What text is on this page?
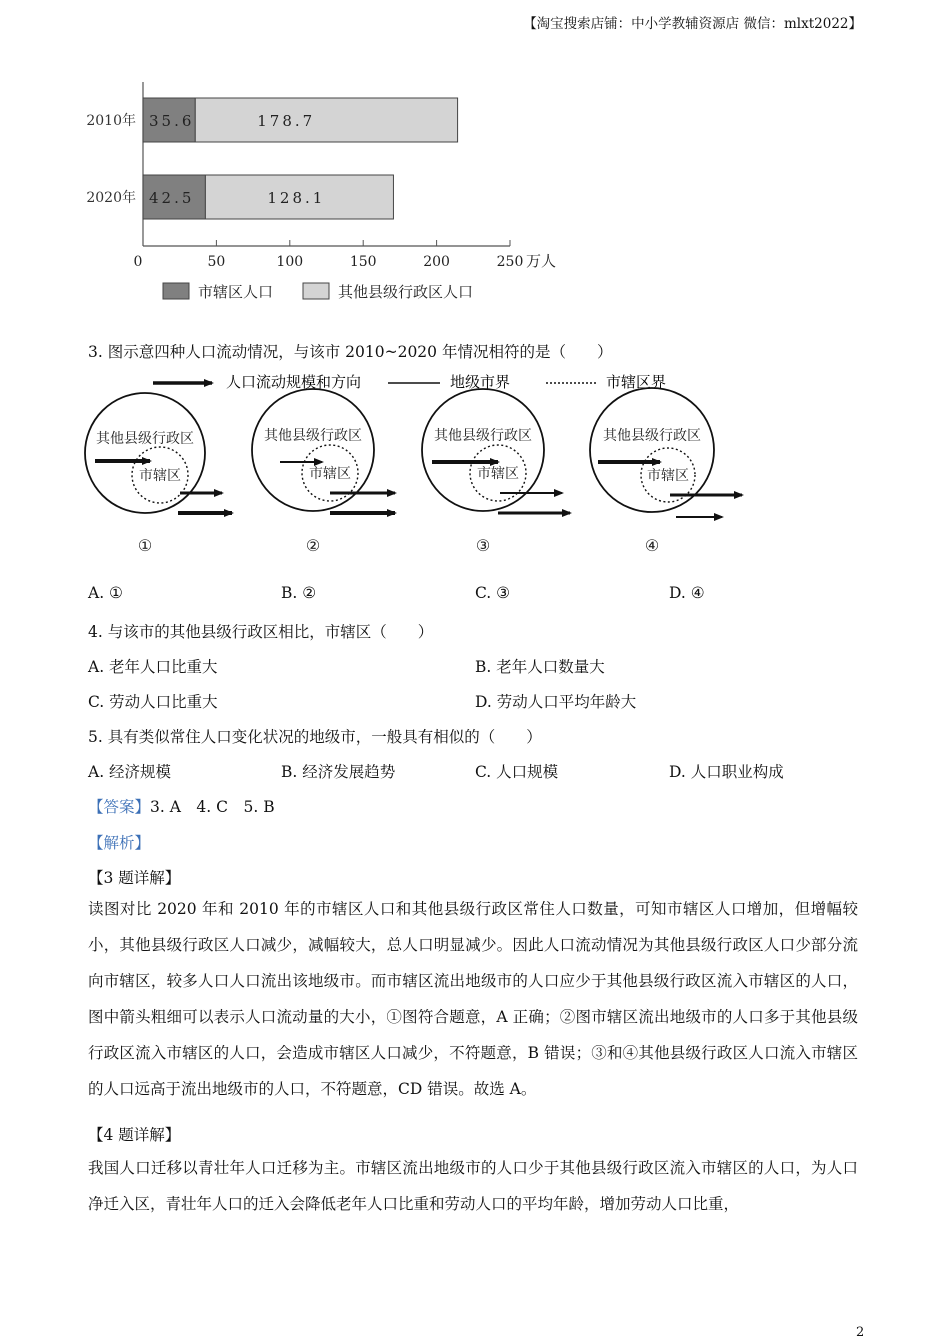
【淘宝搜索店铺：中小学教辅资源店 微信：mlxt2022】
0	50	100	150	200	250 万人
2010年 3 5 . 6	1 7 8 . 7
2020年 4 2 . 5	1 2 8 . 1
市辖区人口	其他县级行政区人口
3. 图示意四种人口流动情况，与该市 2010~2020 年情况相符的是（　　）
人口流动规模和方向	地级市界	市辖区界
其他县级行政区
市辖区
①
其他县级行政区
市辖区
②
其他县级行政区
市辖区
③
其他县级行政区
市辖区
④
A. ①	B. ②	C. ③	D. ④
4. 与该市的其他县级行政区相比，市辖区（　　）
A. 老年人口比重大	B. 老年人口数量大
C. 劳动人口比重大	D. 劳动人口平均年龄大
5. 具有类似常住人口变化状况的地级市，一般具有相似的（　　）
A. 经济规模	B. 经济发展趋势	C. 人口规模	D. 人口职业构成
【答案】3. A　4. C　5. B
【解析】
【3 题详解】
读图对比 2020 年和 2010 年的市辖区人口和其他县级行政区常住人口数量，可知市辖区人口增加，但增幅较小，其他县级行政区人口减少，减幅较大，总人口明显减少。因此人口流动情况为其他县级行政区人口少部分流向市辖区，较多人口人口流出该地级市。而市辖区流出地级市的人口应少于其他县级行政区流入市辖区的人口，图中箭头粗细可以表示人口流动量的大小，①图符合题意，A 正确；②图市辖区流出地级市的人口多于其他县级行政区流入市辖区的人口，会造成市辖区人口减少，不符题意，B 错误；③和④其他县级行政区人口流入市辖区的人口远高于流出地级市的人口，不符题意，CD 错误。故选 A。
【4 题详解】
我国人口迁移以青壮年人口迁移为主。市辖区流出地级市的人口少于其他县级行政区流入市辖区的人口，为人口净迁入区，青壮年人口的迁入会降低老年人口比重和劳动人口的平均年龄，增加劳动人口比重，
2
